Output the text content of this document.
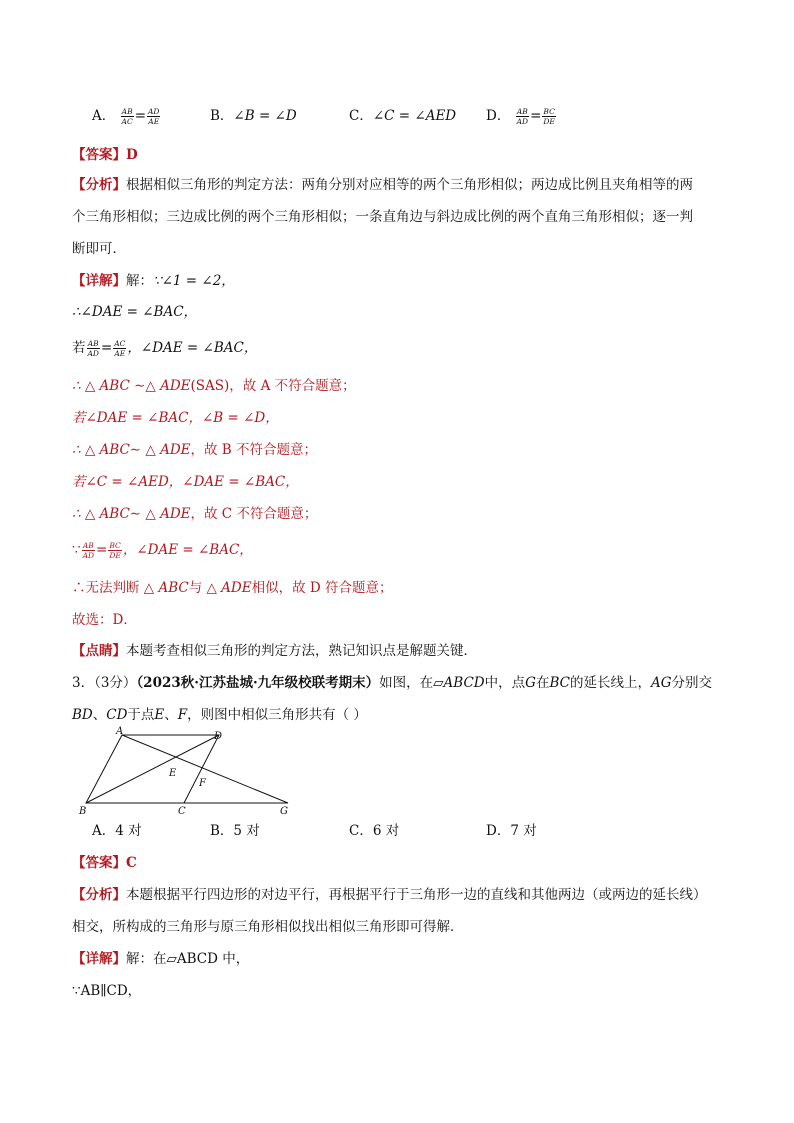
A． $\frac{AB}{AC} = \frac{AD}{AE}$	B．∠B = ∠D	C．∠C = ∠AED D． $\frac{AB}{AD} = \frac{BC}{DE}$
【答案】D
【分析】根据相似三角形的判定方法：两角分别对应相等的两个三角形相似；两边成比例且夹角相等的两
个三角形相似；三边成比例的两个三角形相似；一条直角边与斜边成比例的两个直角三角形相似；逐一判
断即可．
【详解】解：∵∠1 = ∠2，
∴∠DAE = ∠BAC，
若 $\frac{AB}{AD} = \frac{AC}{AE}$ ，∠DAE = ∠BAC，
∴ △ ABC ∼△ ADE(SAS)，故 A 不符合题意；
若∠DAE = ∠BAC，∠B = ∠D，
∴ △ ABC∼ △ ADE，故 B 不符合题意；
若∠C = ∠AED，∠DAE = ∠BAC，
∴ △ ABC∼ △ ADE，故 C 不符合题意；
∵ $\frac{AB}{AD} = \frac{BC}{DE}$ ，∠DAE = ∠BAC，
∴无法判断 △ ABC与 △ ADE相似，故 D 符合题意；
故选：D．
【点睛】本题考查相似三角形的判定方法，熟记知识点是解题关键．
3．（3分）（2023秋·江苏盐城·九年级校联考期末）如图，在▱ABCD中，点G在BC的延长线上，AG分别交
BD、CD于点E、F，则图中相似三角形共有（ ）
A	D
E
F
B	C	G
A．4 对	B．5 对	C．6 对	D．7 对
【答案】C
【分析】本题根据平行四边形的对边平行，再根据平行于三角形一边的直线和其他两边（或两边的延长线）
相交，所构成的三角形与原三角形相似找出相似三角形即可得解．
【详解】解：在▱ABCD 中，
∵AB∥CD，
